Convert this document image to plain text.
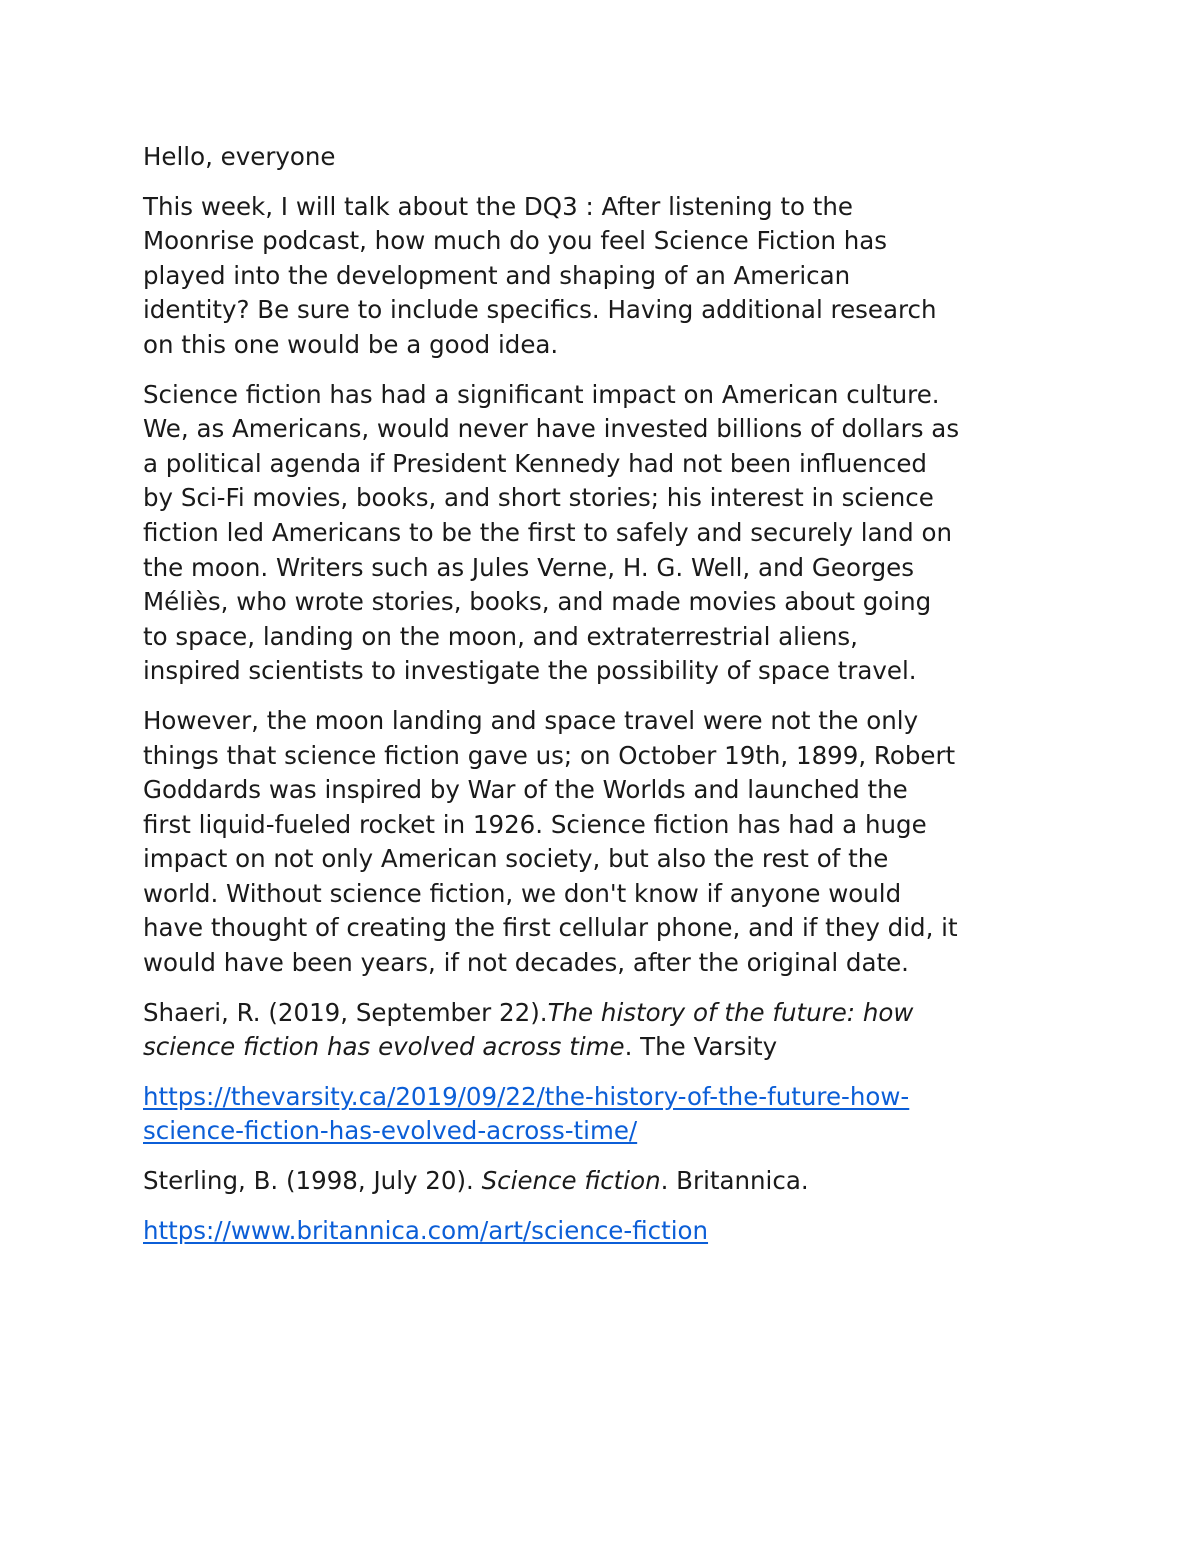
Hello, everyone

This week, I will talk about the DQ3 : After listening to the
Moonrise podcast, how much do you feel Science Fiction has
played into the development and shaping of an American
identity? Be sure to include specifics. Having additional research
on this one would be a good idea.

Science fiction has had a significant impact on American culture.
We, as Americans, would never have invested billions of dollars as
a political agenda if President Kennedy had not been influenced
by Sci-Fi movies, books, and short stories; his interest in science
fiction led Americans to be the first to safely and securely land on
the moon. Writers such as Jules Verne, H. G. Well, and Georges
Méliès, who wrote stories, books, and made movies about going
to space, landing on the moon, and extraterrestrial aliens,
inspired scientists to investigate the possibility of space travel.

However, the moon landing and space travel were not the only
things that science fiction gave us; on October 19th, 1899, Robert
Goddards was inspired by War of the Worlds and launched the
first liquid-fueled rocket in 1926. Science fiction has had a huge
impact on not only American society, but also the rest of the
world. Without science fiction, we don't know if anyone would
have thought of creating the first cellular phone, and if they did, it
would have been years, if not decades, after the original date.

Shaeri, R. (2019, September 22).The history of the future: how
science fiction has evolved across time. The Varsity

https://thevarsity.ca/2019/09/22/the-history-of-the-future-how-
science-fiction-has-evolved-across-time/

Sterling, B. (1998, July 20). Science fiction. Britannica.

https://www.britannica.com/art/science-fiction
